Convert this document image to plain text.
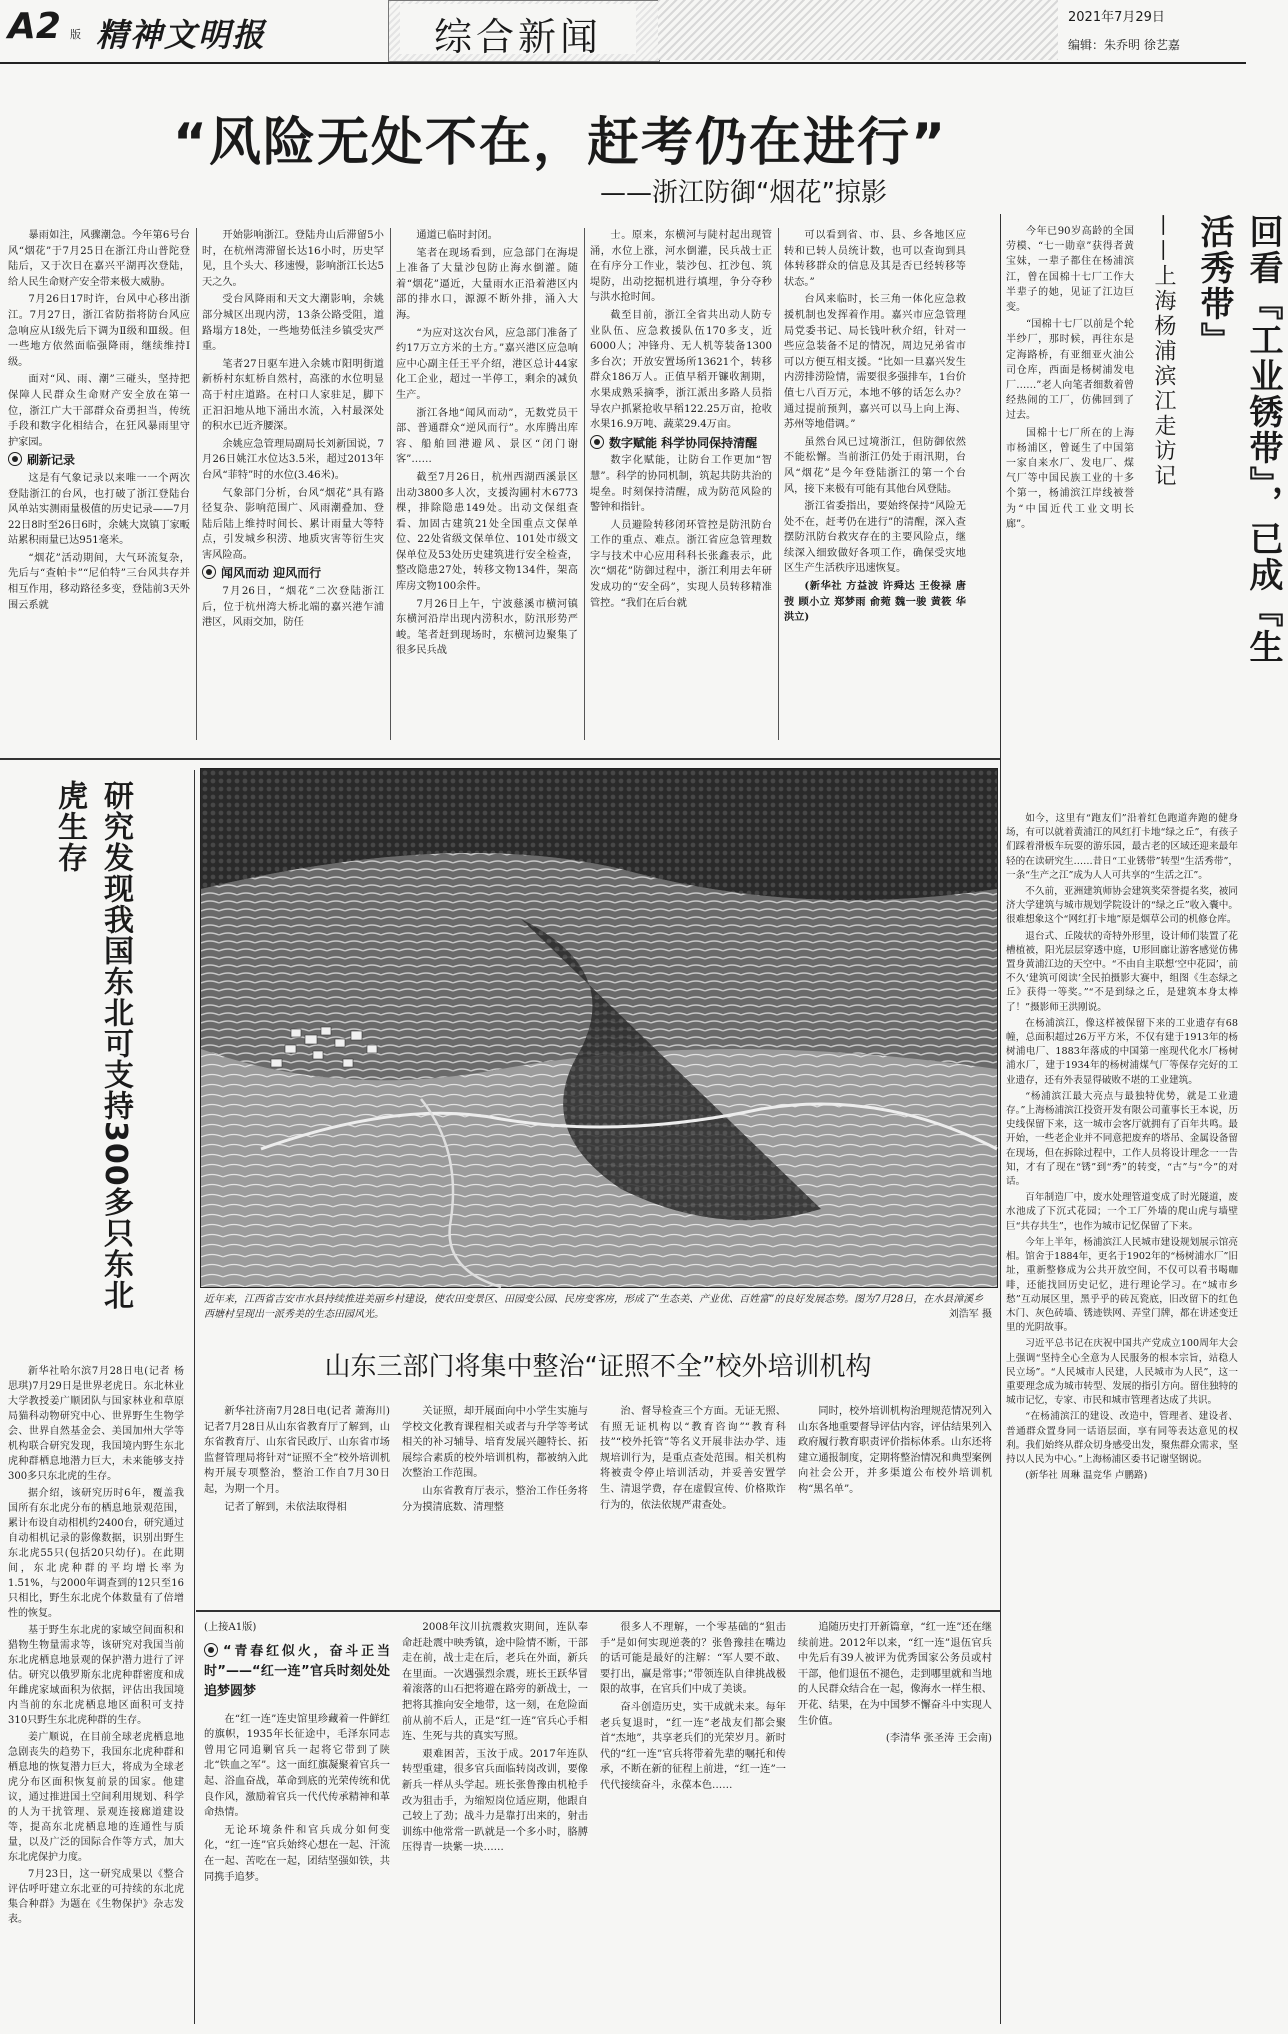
A2 版 精神文明报	综合新闻	2021年7月29日
编辑：朱乔明 徐艺嘉
“风险无处不在，赶考仍在进行”
——浙江防御“烟花”掠影

暴雨如注，风骤潮急。今年第6号台风“烟花”于7月25日在浙江舟山普陀登陆后，又于次日在嘉兴平湖再次登陆，给人民生命财产安全带来极大威胁。

7月26日17时许，台风中心移出浙江。7月27日，浙江省防指将防台风应急响应从Ⅰ级先后下调为Ⅱ级和Ⅲ级。但一些地方依然面临强降雨，继续维持Ⅰ级。

面对“风、雨、潮”三碰头，坚持把保障人民群众生命财产安全放在第一位，浙江广大干部群众奋勇担当，传统手段和数字化相结合，在狂风暴雨里守护家园。

刷新记录

这是有气象记录以来唯一一个两次登陆浙江的台风，也打破了浙江登陆台风单站实测雨量极值的历史记录——7月22日8时至26日6时，余姚大岚镇丁家畈站累积雨量已达951毫米。

“烟花”活动期间，大气环流复杂，先后与“查帕卡”“尼伯特”三台风共存并相互作用，移动路径多变，登陆前3天外围云系就

开始影响浙江。登陆舟山后滞留5小时，在杭州湾滞留长达16小时，历史罕见，且个头大、移速慢，影响浙江长达5天之久。

受台风降雨和天文大潮影响，余姚部分城区出现内涝，13条公路受阻，道路塌方18处，一些地势低洼乡镇受灾严重。

笔者27日驱车进入余姚市阳明街道新桥村东虹桥自然村，高涨的水位明显高于村庄道路。在村口人家驻足，脚下正汩汩地从地下涌出水流，入村最深处的积水已近齐腰深。

余姚应急管理局副局长刘新国说，7月26日姚江水位达3.5米，超过2013年台风“菲特”时的水位(3.46米)。

气象部门分析，台风“烟花”具有路径复杂、影响范围广、风雨潮叠加、登陆后陆上维持时间长、累计雨量大等特点，引发城乡积涝、地质灾害等衍生灾害风险高。

闻风而动 迎风而行

7月26日，“烟花”二次登陆浙江后，位于杭州湾大桥北端的嘉兴港乍浦港区，风雨交加，防任

通道已临时封闭。

笔者在现场看到，应急部门在海堤上准备了大量沙包防止海水倒灌。随着“烟花”逼近，大量雨水正沿着港区内部的排水口，源源不断外排，涌入大海。

“为应对这次台风，应急部门准备了约17万立方米的土方。”嘉兴港区应急响应中心副主任王平介绍，港区总计44家化工企业，超过一半停工，剩余的减负生产。

浙江各地“闻风而动”，无数党员干部、普通群众“逆风而行”。水库腾出库容、船舶回港避风、景区“闭门谢客”……

截至7月26日，杭州西湖西溪景区出动3800多人次，支援沟圃村木6773棵，排除隐患149处。出动文保组查看、加固古建筑21处全国重点文保单位、22处省级文保单位、101处市级文保单位及53处历史建筑进行安全检查，整改隐患27处，转移文物134件，架高库房文物100余件。

7月26日上午，宁波慈溪市横河镇东横河沿岸出现内涝积水，防汛形势严峻。笔者赶到现场时，东横河边聚集了很多民兵战

士。原来，东横河与陡村起出现管涌，水位上涨，河水倒灌，民兵战士正在有序分工作业，装沙包、扛沙包、筑堤防，出动挖掘机进行填埋，争分夺秒与洪水抢时间。

截至目前，浙江全省共出动人防专业队伍、应急救援队伍170多支，近6000人；冲锋舟、无人机等装备1300多台次；开放安置场所13621个，转移群众186万人。正值早稻开镰收割期，水果成熟采摘季，浙江派出多路人员指导农户抓紧抢收早稻122.25万亩，抢收水果16.9万吨、蔬菜29.4万亩。

数字赋能 科学协同保持清醒

数字化赋能，让防台工作更加“智慧”。科学的协同机制，筑起共防共治的堤垒。时刻保持清醒，成为防范风险的警钟和指针。

人员避险转移闭环管控是防汛防台工作的重点、难点。浙江省应急管理数字与技术中心应用科科长张鑫表示，此次“烟花”防御过程中，浙江利用去年研发成功的“安全码”，实现人员转移精准管控。“我们在后台就

可以看到省、市、县、乡各地区应转和已转人员统计数，也可以查询到具体转移群众的信息及其是否已经转移等状态。”

台风来临时，长三角一体化应急救援机制也发挥着作用。嘉兴市应急管理局党委书记、局长钱叶秋介绍，针对一些应急装备不足的情况，周边兄弟省市可以方便互相支援。“比如一旦嘉兴发生内涝排涝险情，需要很多强排车，1台价值七八百万元，本地不够的话怎么办？通过提前预判，嘉兴可以马上向上海、苏州等地借调。”

虽然台风已过境浙江，但防御依然不能松懈。当前浙江仍处于雨汛期，台风“烟花”是今年登陆浙江的第一个台风，接下来极有可能有其他台风登陆。

浙江省委指出，要始终保持“风险无处不在，赶考仍在进行”的清醒，深入查摆防汛防台救灾存在的主要风险点，继续深入细致做好各项工作，确保受灾地区生产生活秩序迅速恢复。

(新华社 方益波 许舜达 王俊禄 唐弢 顾小立 郑梦雨 俞菀 魏一骏 黄筱 华洪立)	回看『工业锈带』，已成『生活秀带』
——上海杨浦滨江走访记

今年已90岁高龄的全国劳模、“七一勋章”获得者黄宝妹，一辈子都住在杨浦滨江，曾在国棉十七厂工作大半辈子的她，见证了江边巨变。

“国棉十七厂以前是个轮半纱厂，那时候，再往东是定海路桥，有亚细亚火油公司仓库，西面是杨树浦发电厂……”老人向笔者细数着曾经热闹的工厂，仿佛回到了过去。

国棉十七厂所在的上海市杨浦区，曾诞生了中国第一家自来水厂、发电厂、煤气厂等中国民族工业的十多个第一，杨浦滨江岸线被誉为“中国近代工业文明长廊”。

如今，这里有“跑友们”沿着红色跑道奔跑的健身场，有可以就着黄浦江的风红打卡地“绿之丘”，有孩子们踩着滑板车玩耍的游乐园，最古老的区域还迎来最年轻的在读研究生……昔日“工业锈带”转型“生活秀带”，一条“生产之江”成为人人可共享的“生活之江”。

不久前，亚洲建筑师协会建筑奖荣誉提名奖，被同济大学建筑与城市规划学院设计的“绿之丘”收入囊中。很难想象这个“网红打卡地”原是烟草公司的机修仓库。

退台式、丘陵状的奇特外形里，设计师们装置了花槽植被，阳光层层穿透中庭，U形回廊让游客感觉仿佛置身黄浦江边的天空中。“不由自主联想‘空中花园’，前不久‘建筑可阅读’全民拍摄影大赛中，组图《生态绿之丘》获得一等奖。”“不是到绿之丘，是建筑本身太棒了！”摄影师王洪刚说。

在杨浦滨江，像这样被保留下来的工业遗存有68幢，总面积超过26万平方米，不仅有建于1913年的杨树浦电厂、1883年落成的中国第一座现代化水厂杨树浦水厂，建于1934年的杨树浦煤气厂等保存完好的工业遗存，还有外表显得破败不堪的工业建筑。

“杨浦滨江最大亮点与最独特优势，就是工业遗存。”上海杨浦滨江投资开发有限公司董事长王本说，历史线保留下来，这一城市会客厅就拥有了百年共鸣。最开始，一些老企业并不同意把废弃的塔吊、金属设备留在现场，但在拆除过程中，工作人员将设计理念一一告知，才有了现在“锈”到“秀”的转变，“古”与“今”的对话。

百年制造厂中，废水处理管道变成了时光隧道，废水池成了下沉式花园；一个工厂外墙的爬山虎与墙壁巨“共存共生”，也作为城市记忆保留了下来。

今年上半年，杨浦滨江人民城市建设规划展示馆亮相。馆舍于1884年，更名于1902年的“杨树浦水厂”旧址，重新整修成为公共开放空间，不仅可以看书喝咖啡，还能找回历史记忆，进行理论学习。在“城市乡愁”互动展区里，黑乎乎的砖瓦瓷底，旧改留下的红色木门、灰色砖墙、锈迹铁网、弄堂门牌，都在讲述变迁里的光阴故事。

习近平总书记在庆祝中国共产党成立100周年大会上强调“坚持全心全意为人民服务的根本宗旨，站稳人民立场”。“人民城市人民建，人民城市为人民”，这一重要理念成为城市转型、发展的指引方向。留住独特的城市记忆，专家、市民和城市管理者达成了共识。

“在杨浦滨江的建设、改造中，管理者、建设者、普通群众置身同一话语层面，享有同等表达意见的权利。我们始终从群众切身感受出发，聚焦群众需求，坚持以人民为中心。”上海杨浦区委书记谢坚钢说。

(新华社 周琳 温竞华 卢鹏路)

研究发现我国东北可支持300多只东北虎生存

新华社哈尔滨7月28日电(记者 杨思琪)7月29日是世界老虎日。东北林业大学教授姜广顺团队与国家林业和草原局猫科动物研究中心、世界野生生物学会、世界自然基金会、美国加州大学等机构联合研究发现，我国境内野生东北虎种群栖息地潜力巨大，未来能够支持300多只东北虎的生存。

据介绍，该研究历时6年，覆盖我国所有东北虎分布的栖息地景观范围，累计布设自动相机约2400台，研究通过自动相机记录的影像数据，识别出野生东北虎55只(包括20只幼仔)。在此期间，东北虎种群的平均增长率为1.51%，与2000年调查到的12只至16只相比，野生东北虎个体数量有了倍增性的恢复。

基于野生东北虎的家域空间面积和猎物生物量需求等，该研究对我国当前东北虎栖息地景观的保护潜力进行了评估。研究以俄罗斯东北虎种群密度和成年雌虎家域面积为依据，评估出我国境内当前的东北虎栖息地区面积可支持310只野生东北虎种群的生存。

姜广顺说，在目前全球老虎栖息地急剧丧失的趋势下，我国东北虎种群和栖息地的恢复潜力巨大，将成为全球老虎分布区面积恢复前景的国家。他建议，通过推进国土空间利用规划、科学的人为干扰管理、景观连接廊道建设等，提高东北虎栖息地的连通性与质量，以及广泛的国际合作等方式，加大东北虎保护力度。

7月23日，这一研究成果以《整合评估呼吁建立东北亚的可持续的东北虎集合种群》为题在《生物保护》杂志发表。

近年来，江西省吉安市水县持续推进美丽乡村建设，使农田变景区、田园变公园、民房变客房，形成了“生态美、产业优、百姓富”的良好发展态势。图为7月28日，在水县漳溪乡西塘村呈现出一派秀美的生态田园风光。	刘浩军 摄
山东三部门将集中整治“证照不全”校外培训机构

新华社济南7月28日电(记者 萧海川)记者7月28日从山东省教育厅了解到，山东省教育厅、山东省民政厅、山东省市场监督管理局将针对“证照不全”校外培训机构开展专项整治，整治工作自7月30日起，为期一个月。

记者了解到，未依法取得相

关证照，却开展面向中小学生实施与学校文化教育课程相关或者与升学等考试相关的补习辅导、培育发展兴趣特长、拓展综合素质的校外培训机构，都被纳入此次整治工作范围。

山东省教育厅表示，整治工作任务将分为摸清底数、清理整

治、督导检查三个方面。无证无照、有照无证机构以“教育咨询”“教育科技”“校外托管”等名义开展非法办学、违规培训行为，是重点查处范围。相关机构将被责令停止培训活动，并妥善安置学生、清退学费，存在虚假宣传、价格欺诈行为的，依法依规严肃查处。

同时，校外培训机构治理规范情况列入山东各地重要督导评估内容，评估结果列入政府履行教育职责评价指标体系。山东还将建立通报制度，定期将整治情况和典型案例向社会公开，并多渠道公布校外培训机构“黑名单”。

(上接A1版)

“青春红似火，奋斗正当时”——“红一连”官兵时刻处处追梦圆梦

在“红一连”连史馆里珍藏着一件鲜红的旗帜，1935年长征途中，毛泽东同志曾用它同追剿官兵一起将它带到了陕北“铁血之军”。这一面红旗凝聚着官兵一起、浴血奋战，革命到底的光荣传统和优良作风，激励着官兵一代代传承精神和革命热情。

无论环境条件和官兵成分如何变化，“红一连”官兵始终心想在一起、汗流在一起、苦吃在一起，团结坚强如铁，共同携手追梦。

2008年汶川抗震救灾期间，连队奉命赶赴震中映秀镇，途中险情不断，干部走在前，战士走在后，老兵在外面，新兵在里面。一次遇强烈余震，班长王跃华冒着滚落的山石把将避在路旁的新战士，一把将其推向安全地带，这一刻，在危险面前从前不后人，正是“红一连”官兵心手相连、生死与共的真实写照。

艰难困苦，玉汝于成。2017年连队转型重建，很多官兵面临转岗改训，要像新兵一样从头学起。班长张鲁豫由机枪手改为狙击手，为缩短岗位适应期，他跟自己较上了劲；战斗力是靠打出来的，射击训练中他常常一趴就是一个多小时，胳膊压得青一块紫一块……

很多人不理解，一个零基础的“狙击手”是如何实现逆袭的？张鲁豫挂在嘴边的话可能是最好的注解：“军人要不敢、要打出，赢是常事；”带领连队自律挑战极限的故事，在官兵们中成了美谈。

奋斗创造历史，实干成就未来。每年老兵复退时，“红一连”老战友们都会聚首“杰地”，共享老兵们的光荣岁月。新时代的“红一连”官兵将带着先辈的嘱托和传承，不断在新的征程上前进，“红一连”一代代接续奋斗，永葆本色……

追随历史打开新篇章，“红一连”还在继续前进。2012年以来，“红一连”退伍官兵中先后有39人被评为优秀国家公务员或村干部，他们退伍不褪色，走到哪里就和当地的人民群众结合在一起，像海水一样生根、开花、结果，在为中国梦不懈奋斗中实现人生价值。

(李清华 张圣涛 王会南)
